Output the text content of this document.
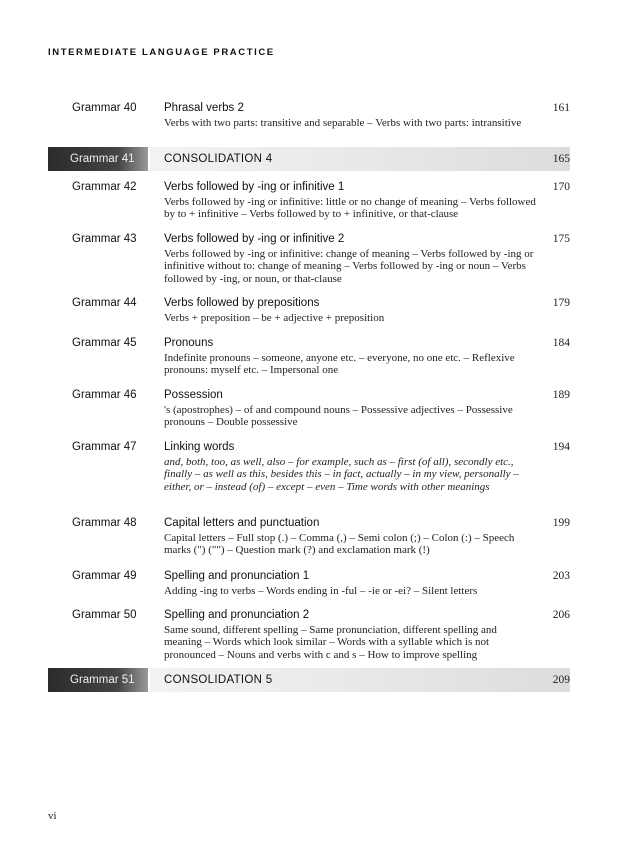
INTERMEDIATE LANGUAGE PRACTICE
Grammar 40 Phrasal verbs 2
Verbs with two parts: transitive and separable – Verbs with two parts: intransitive
161
Grammar 41	CONSOLIDATION 4	165
Grammar 42 Verbs followed by -ing or infinitive 1
Verbs followed by -ing or infinitive: little or no change of meaning – Verbs followed by to + infinitive – Verbs followed by to + infinitive, or that-clause
170
Grammar 43 Verbs followed by -ing or infinitive 2
Verbs followed by -ing or infinitive: change of meaning – Verbs followed by -ing or infinitive without to: change of meaning – Verbs followed by -ing or noun – Verbs followed by -ing, or noun, or that-clause
175
Grammar 44 Verbs followed by prepositions
Verbs + preposition – be + adjective + preposition
179
Grammar 45 Pronouns
Indefinite pronouns – someone, anyone etc. – everyone, no one etc. – Reflexive pronouns: myself etc. – Impersonal one
184
Grammar 46 Possession
's (apostrophes) – of and compound nouns – Possessive adjectives – Possessive pronouns – Double possessive
189
Grammar 47 Linking words
and, both, too, as well, also – for example, such as – first (of all), secondly etc., finally – as well as this, besides this – in fact, actually – in my view, personally – either, or – instead (of) – except – even – Time words with other meanings
194
Grammar 48 Capital letters and punctuation
Capital letters – Full stop (.) – Comma (,) – Semi colon (;) – Colon (:) – Speech marks (") ("") – Question mark (?) and exclamation mark (!)
199
Grammar 49 Spelling and pronunciation 1
Adding -ing to verbs – Words ending in -ful – -ie or -ei? – Silent letters
203
Grammar 50 Spelling and pronunciation 2
Same sound, different spelling – Same pronunciation, different spelling and meaning – Words which look similar – Words with a syllable which is not pronounced – Nouns and verbs with c and s – How to improve spelling
206
Grammar 51	CONSOLIDATION 5	209
vi
